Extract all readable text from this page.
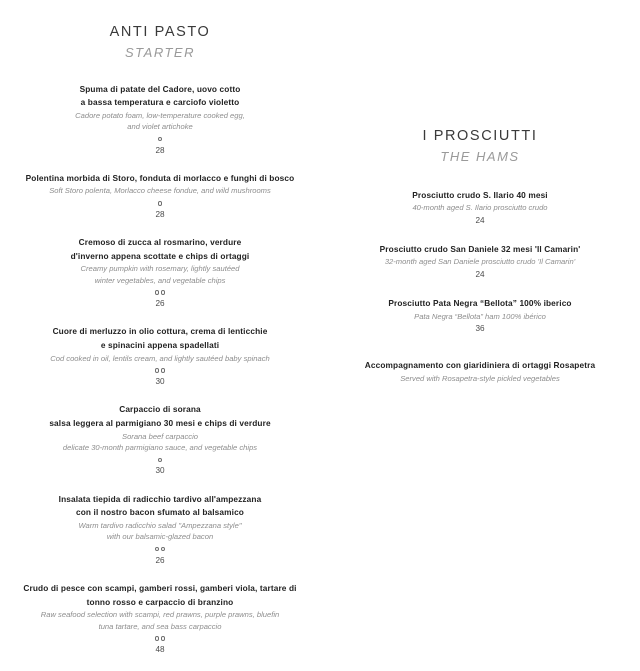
ANTI PASTO
STARTER
Spuma di patate del Cadore, uovo cotto
a bassa temperatura e carciofo violetto
Cadore potato foam, low-temperature cooked egg,
and violet artichoke
28
Polentina morbida di Storo, fonduta di morlacco e funghi di bosco
Soft Storo polenta, Morlacco cheese fondue, and wild mushrooms
28
Cremoso di zucca al rosmarino, verdure
d'inverno appena scottate e chips di ortaggi
Creamy pumpkin with rosemary, lightly sautéed
winter vegetables, and vegetable chips
26
Cuore di merluzzo in olio cottura, crema di lenticchie
e spinacini appena spadellati
Cod cooked in oil, lentils cream, and lightly sautéed baby spinach
30
Carpaccio di sorana
salsa leggera al parmigiano 30 mesi e chips di verdure
Sorana beef carpaccio
delicate 30-month parmigiano sauce, and vegetable chips
30
Insalata tiepida di radicchio tardivo all'ampezzana
con il nostro bacon sfumato al balsamico
Warm tardivo radicchio salad "Ampezzana style"
with our balsamic-glazed bacon
26
Crudo di pesce con scampi, gamberi rossi, gamberi viola, tartare di
tonno rosso e carpaccio di branzino
Raw seafood selection with scampi, red prawns, purple prawns, bluefin
tuna tartare, and sea bass carpaccio
48
I PROSCIUTTI
THE HAMS
Prosciutto crudo S. Ilario 40 mesi
40-month aged S. Ilario prosciutto crudo
24
Prosciutto crudo San Daniele 32 mesi 'Il Camarin'
32-month aged San Daniele prosciutto crudo 'Il Camarin'
24
Prosciutto Pata Negra “Bellota” 100% iberico
Pata Negra “Bellota” ham 100% ibérico
36
Accompagnamento con giaridiniera di ortaggi Rosapetra
Served with Rosapetra-style pickled vegetables
